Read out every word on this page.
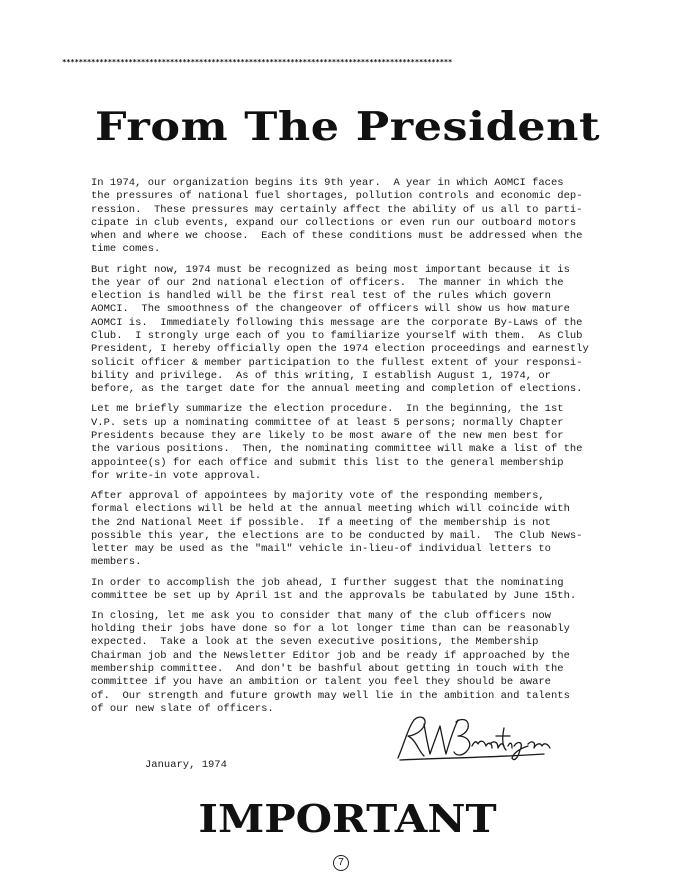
**********************************************************************************************
From The President
In 1974, our organization begins its 9th year.  A year in which AOMCI faces
the pressures of national fuel shortages, pollution controls and economic dep-
ression.  These pressures may certainly affect the ability of us all to parti-
cipate in club events, expand our collections or even run our outboard motors
when and where we choose.  Each of these conditions must be addressed when the
time comes.
But right now, 1974 must be recognized as being most important because it is
the year of our 2nd national election of officers.  The manner in which the
election is handled will be the first real test of the rules which govern
AOMCI.  The smoothness of the changeover of officers will show us how mature
AOMCI is.  Immediately following this message are the corporate By-Laws of the
Club.  I strongly urge each of you to familiarize yourself with them.  As Club
President, I hereby officially open the 1974 election proceedings and earnestly
solicit officer & member participation to the fullest extent of your responsi-
bility and privilege.  As of this writing, I establish August 1, 1974, or
before, as the target date for the annual meeting and completion of elections.
Let me briefly summarize the election procedure.  In the beginning, the 1st
V.P. sets up a nominating committee of at least 5 persons; normally Chapter
Presidents because they are likely to be most aware of the new men best for
the various positions.  Then, the nominating committee will make a list of the
appointee(s) for each office and submit this list to the general membership
for write-in vote approval.
After approval of appointees by majority vote of the responding members,
formal elections will be held at the annual meeting which will coincide with
the 2nd National Meet if possible.  If a meeting of the membership is not
possible this year, the elections are to be conducted by mail.  The Club News-
letter may be used as the "mail" vehicle in-lieu-of individual letters to
members.
In order to accomplish the job ahead, I further suggest that the nominating
committee be set up by April 1st and the approvals be tabulated by June 15th.
In closing, let me ask you to consider that many of the club officers now
holding their jobs have done so for a lot longer time than can be reasonably
expected.  Take a look at the seven executive positions, the Membership
Chairman job and the Newsletter Editor job and be ready if approached by the
membership committee.  And don't be bashful about getting in touch with the
committee if you have an ambition or talent you feel they should be aware
of.  Our strength and future growth may well lie in the ambition and talents
of our new slate of officers.
January, 1974
IMPORTANT
7
